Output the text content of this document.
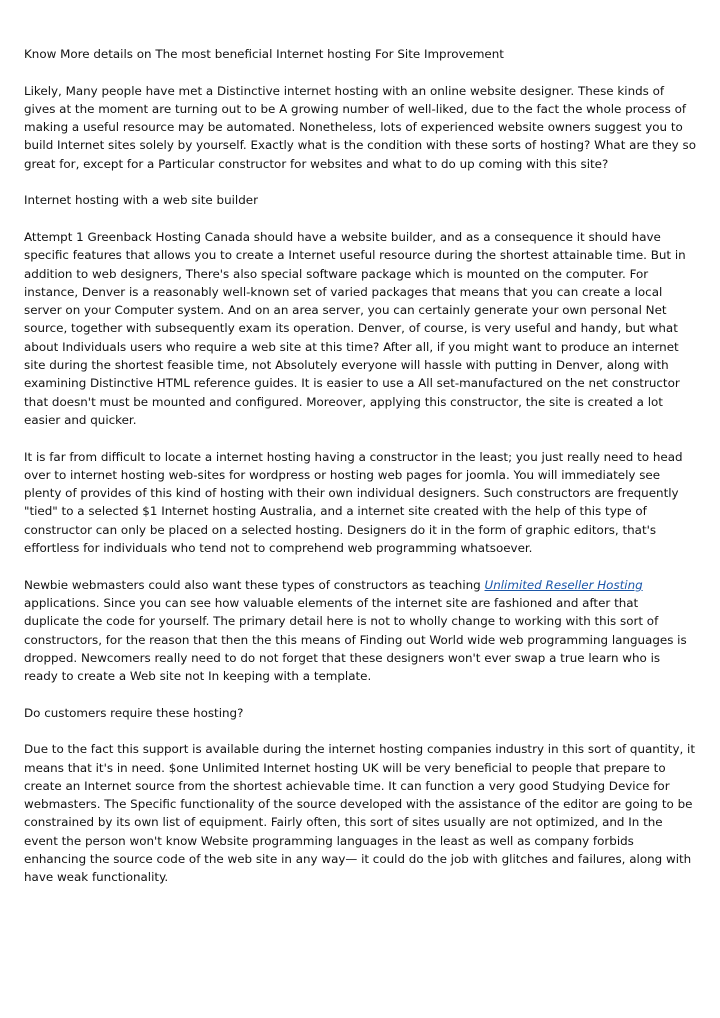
Know More details on The most beneficial Internet hosting For Site Improvement

Likely, Many people have met a Distinctive internet hosting with an online website designer. These kinds of gives at the moment are turning out to be A growing number of well-liked, due to the fact the whole process of making a useful resource may be automated. Nonetheless, lots of experienced website owners suggest you to build Internet sites solely by yourself. Exactly what is the condition with these sorts of hosting? What are they so great for, except for a Particular constructor for websites and what to do up coming with this site?

Internet hosting with a web site builder

Attempt 1 Greenback Hosting Canada should have a website builder, and as a consequence it should have specific features that allows you to create a Internet useful resource during the shortest attainable time. But in addition to web designers, There's also special software package which is mounted on the computer. For instance, Denver is a reasonably well-known set of varied packages that means that you can create a local server on your Computer system. And on an area server, you can certainly generate your own personal Net source, together with subsequently exam its operation. Denver, of course, is very useful and handy, but what about Individuals users who require a web site at this time? After all, if you might want to produce an internet site during the shortest feasible time, not Absolutely everyone will hassle with putting in Denver, along with examining Distinctive HTML reference guides. It is easier to use a All set-manufactured on the net constructor that doesn't must be mounted and configured. Moreover, applying this constructor, the site is created a lot easier and quicker.

It is far from difficult to locate a internet hosting having a constructor in the least; you just really need to head over to internet hosting web-sites for wordpress or hosting web pages for joomla. You will immediately see plenty of provides of this kind of hosting with their own individual designers. Such constructors are frequently "tied" to a selected $1 Internet hosting Australia, and a internet site created with the help of this type of constructor can only be placed on a selected hosting. Designers do it in the form of graphic editors, that's effortless for individuals who tend not to comprehend web programming whatsoever.

Newbie webmasters could also want these types of constructors as teaching Unlimited Reseller Hosting applications. Since you can see how valuable elements of the internet site are fashioned and after that duplicate the code for yourself. The primary detail here is not to wholly change to working with this sort of constructors, for the reason that then the this means of Finding out World wide web programming languages is dropped. Newcomers really need to do not forget that these designers won't ever swap a true learn who is ready to create a Web site not In keeping with a template.

Do customers require these hosting?

Due to the fact this support is available during the internet hosting companies industry in this sort of quantity, it means that it's in need. $one Unlimited Internet hosting UK will be very beneficial to people that prepare to create an Internet source from the shortest achievable time. It can function a very good Studying Device for webmasters. The Specific functionality of the source developed with the assistance of the editor are going to be constrained by its own list of equipment. Fairly often, this sort of sites usually are not optimized, and In the event the person won't know Website programming languages in the least as well as company forbids enhancing the source code of the web site in any way— it could do the job with glitches and failures, along with have weak functionality.
